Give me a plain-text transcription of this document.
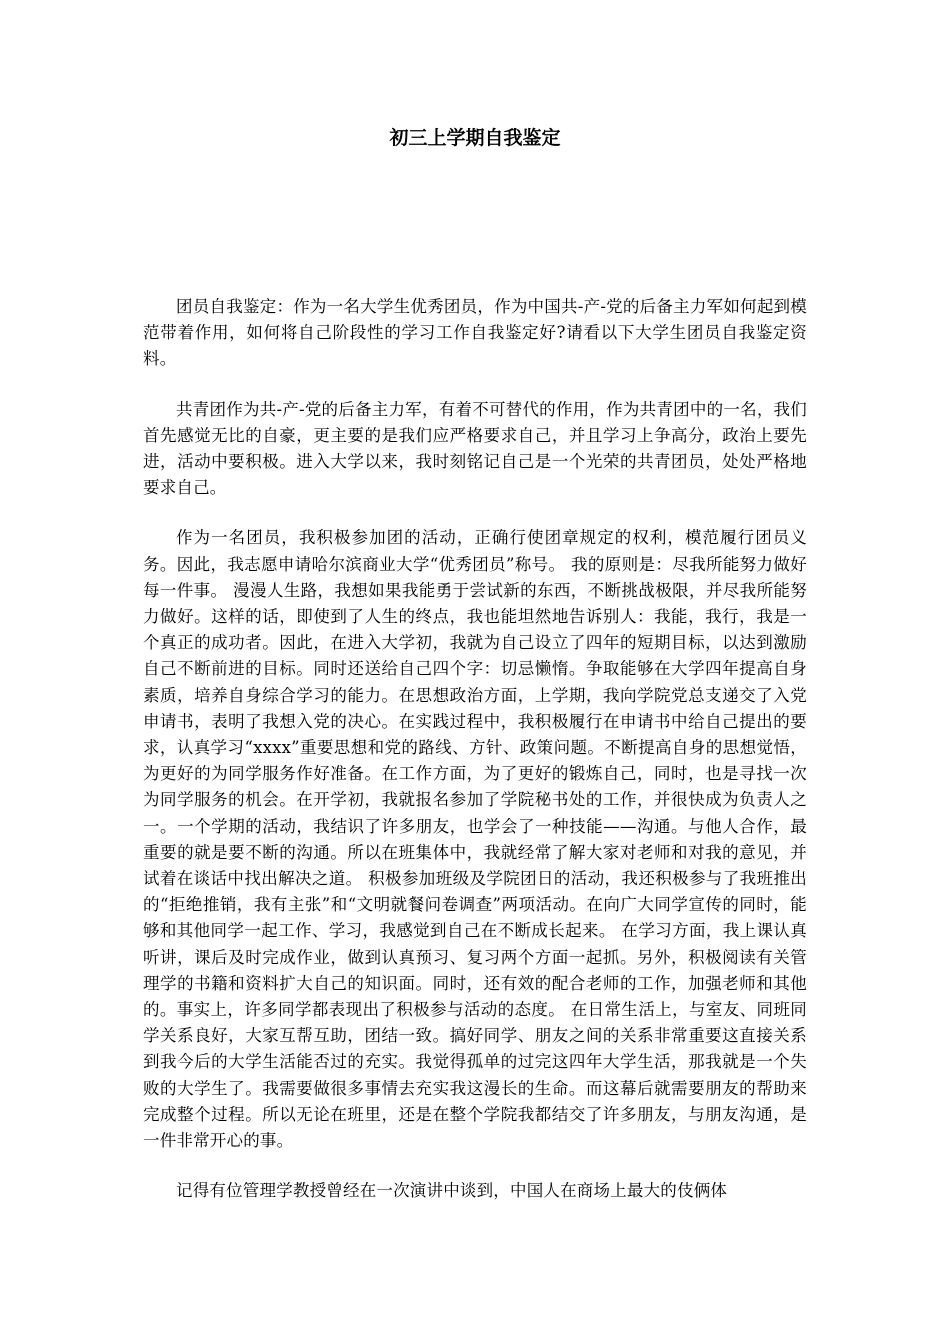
初三上学期自我鉴定

团员自我鉴定：作为一名大学生优秀团员，作为中国共-产-党的后备主力军如何起到模范带着作用，如何将自己阶段性的学习工作自我鉴定好?请看以下大学生团员自我鉴定资料。

共青团作为共-产-党的后备主力军，有着不可替代的作用，作为共青团中的一名，我们首先感觉无比的自豪，更主要的是我们应严格要求自己，并且学习上争高分，政治上要先进，活动中要积极。进入大学以来，我时刻铭记自己是一个光荣的共青团员，处处严格地要求自己。

作为一名团员，我积极参加团的活动，正确行使团章规定的权利，模范履行团员义务。因此，我志愿申请哈尔滨商业大学“优秀团员”称号。 我的原则是：尽我所能努力做好每一件事。 漫漫人生路，我想如果我能勇于尝试新的东西，不断挑战极限，并尽我所能努力做好。这样的话，即使到了人生的终点，我也能坦然地告诉别人：我能，我行，我是一个真正的成功者。因此，在进入大学初，我就为自己设立了四年的短期目标，以达到激励自己不断前进的目标。同时还送给自己四个字：切忌懒惰。争取能够在大学四年提高自身素质，培养自身综合学习的能力。在思想政治方面，上学期，我向学院党总支递交了入党申请书，表明了我想入党的决心。在实践过程中，我积极履行在申请书中给自己提出的要求，认真学习“xxxx”重要思想和党的路线、方针、政策问题。不断提高自身的思想觉悟，为更好的为同学服务作好准备。在工作方面，为了更好的锻炼自己，同时，也是寻找一次为同学服务的机会。在开学初，我就报名参加了学院秘书处的工作，并很快成为负责人之一。一个学期的活动，我结识了许多朋友，也学会了一种技能——沟通。与他人合作，最重要的就是要不断的沟通。所以在班集体中，我就经常了解大家对老师和对我的意见，并试着在谈话中找出解决之道。 积极参加班级及学院团日的活动，我还积极参与了我班推出的“拒绝推销，我有主张”和“文明就餐问卷调查”两项活动。在向广大同学宣传的同时，能够和其他同学一起工作、学习，我感觉到自己在不断成长起来。 在学习方面，我上课认真听讲，课后及时完成作业，做到认真预习、复习两个方面一起抓。另外，积极阅读有关管理学的书籍和资料扩大自己的知识面。同时，还有效的配合老师的工作，加强老师和其他的。事实上，许多同学都表现出了积极参与活动的态度。 在日常生活上，与室友、同班同学关系良好，大家互帮互助，团结一致。搞好同学、朋友之间的关系非常重要这直接关系到我今后的大学生活能否过的充实。我觉得孤单的过完这四年大学生活，那我就是一个失败的大学生了。我需要做很多事情去充实我这漫长的生命。而这幕后就需要朋友的帮助来完成整个过程。所以无论在班里，还是在整个学院我都结交了许多朋友，与朋友沟通，是一件非常开心的事。

记得有位管理学教授曾经在一次演讲中谈到，中国人在商场上最大的伎俩体
